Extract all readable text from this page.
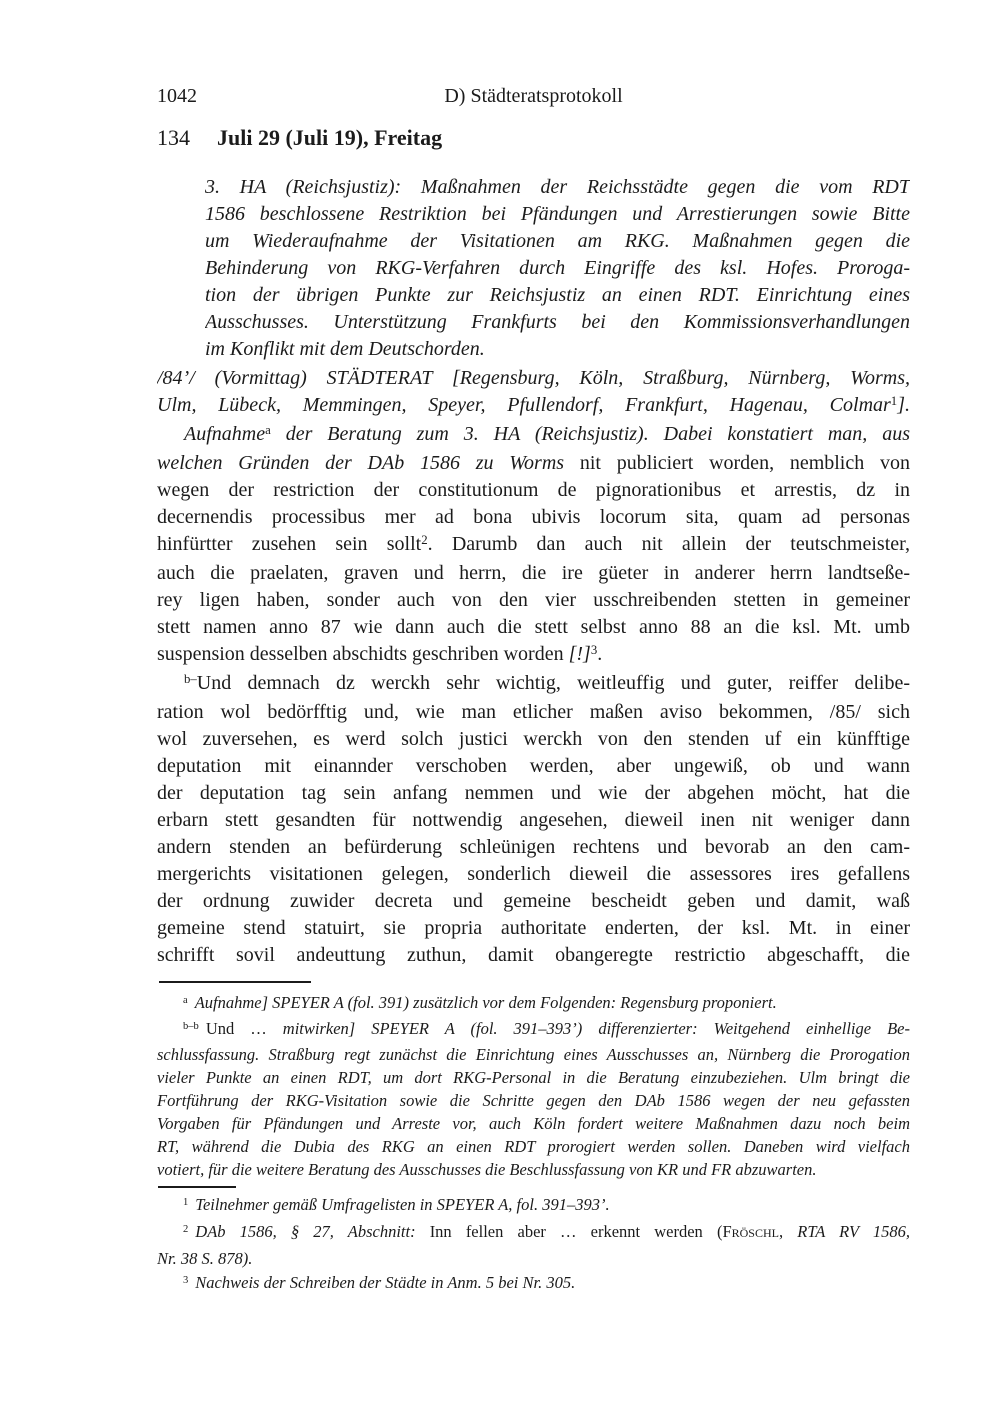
1042	D) Städteratsprotokoll
134 Juli 29 (Juli 19), Freitag
3. HA (Reichsjustiz): Maßnahmen der Reichsstädte gegen die vom RDT
1586 beschlossene Restriktion bei Pfändungen und Arrestierungen sowie Bitte
um Wiederaufnahme der Visitationen am RKG. Maßnahmen gegen die
Behinderung von RKG-Verfahren durch Eingriffe des ksl. Hofes. Proroga-
tion der übrigen Punkte zur Reichsjustiz an einen RDT. Einrichtung eines
Ausschusses. Unterstützung Frankfurts bei den Kommissionsverhandlungen
im Konflikt mit dem Deutschorden.
/84’/ (Vormittag) STÄDTERAT [Regensburg, Köln, Straßburg, Nürnberg, Worms,
Ulm, Lübeck, Memmingen, Speyer, Pfullendorf, Frankfurt, Hagenau, Colmar$^1$].
Aufnahme$^a$ der Beratung zum 3. HA (Reichsjustiz). Dabei konstatiert man, aus
welchen Gründen der DAb 1586 zu Worms nit publiciert worden, nemblich von
wegen der restriction der constitutionum de pignorationibus et arrestis, dz in
decernendis processibus mer ad bona ubivis locorum sita, quam ad personas
hinfürtter zusehen sein sollt$^2$. Darumb dan auch nit allein der teutschmeister,
auch die praelaten, graven und herrn, die ire güeter in anderer herrn landtseße-
rey ligen haben, sonder auch von den vier usschreibenden stetten in gemeiner
stett namen anno 87 wie dann auch die stett selbst anno 88 an die ksl. Mt. umb
suspension desselben abschidts geschriben worden [!]$^3$.
$^{b-}$Und demnach dz werckh sehr wichtig, weitleuffig und guter, reiffer delibe-
ration wol bedörfftig und, wie man etlicher maßen aviso bekommen, /85/ sich
wol zuversehen, es werd solch justici werckh von den stenden uf ein künfftige
deputation mit einannder verschoben werden, aber ungewiß, ob und wann
der deputation tag sein anfang nemmen und wie der abgehen möcht, hat die
erbarn stett gesandten für nottwendig angesehen, dieweil inen nit weniger dann
andern stenden an befürderung schleünigen rechtens und bevorab an den cam-
mergerichts visitationen gelegen, sonderlich dieweil die assessores ires gefallens
der ordnung zuwider decreta und gemeine bescheidt geben und damit, waß
gemeine stend statuirt, sie propria authoritate enderten, der ksl. Mt. in einer
schrifft sovil andeuttung zuthun, damit obangeregte restrictio abgeschafft, die
$^a$ Aufnahme] SPEYER A (fol. 391) zusätzlich vor dem Folgenden: Regensburg proponiert.
$^{b-b}$ Und … mitwirken] SPEYER A (fol. 391–393’) differenzierter: Weitgehend einhellige Be-
schlussfassung. Straßburg regt zunächst die Einrichtung eines Ausschusses an, Nürnberg die Prorogation
vieler Punkte an einen RDT, um dort RKG-Personal in die Beratung einzubeziehen. Ulm bringt die
Fortführung der RKG-Visitation sowie die Schritte gegen den DAb 1586 wegen der neu gefassten
Vorgaben für Pfändungen und Arreste vor, auch Köln fordert weitere Maßnahmen dazu noch beim
RT, während die Dubia des RKG an einen RDT prorogiert werden sollen. Daneben wird vielfach
votiert, für die weitere Beratung des Ausschusses die Beschlussfassung von KR und FR abzuwarten.
$^1$ Teilnehmer gemäß Umfragelisten in SPEYER A, fol. 391–393’.
$^2$ DAb 1586, § 27, Abschnitt: Inn fellen aber … erkennt werden (Fröschl, RTA RV 1586,
Nr. 38 S. 878).
$^3$ Nachweis der Schreiben der Städte in Anm. 5 bei Nr. 305.
